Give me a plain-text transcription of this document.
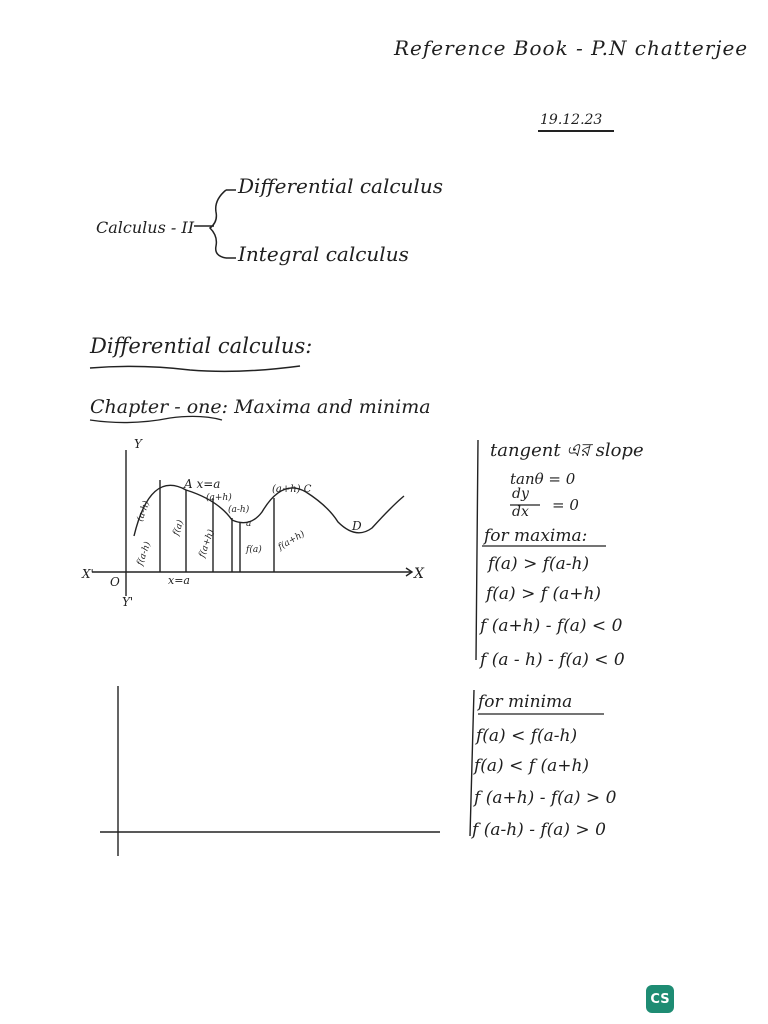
Reference Book - P.N chatterjee
19.12.23
Calculus - II
Differential calculus
Integral calculus
Y
Y'
X
X'
O
A x=a	(a+h) C
D
x=a
(a-h)
f(a-h)
f(a)
(a+h)
f(a+h)
(a-h)
a
f(a) f(a+h)
Differential calculus:
Chapter - one: Maxima and minima
tangent এর slope
tanθ = 0
dy
dx = 0
for maxima:
f(a) > f(a-h)
f(a) > f (a+h)
f (a+h) - f(a) < 0
f (a - h) - f(a) < 0
for minima
f(a) < f(a-h)
f(a) < f (a+h)
f (a+h) - f(a) > 0
f (a-h) - f(a) > 0
CS
